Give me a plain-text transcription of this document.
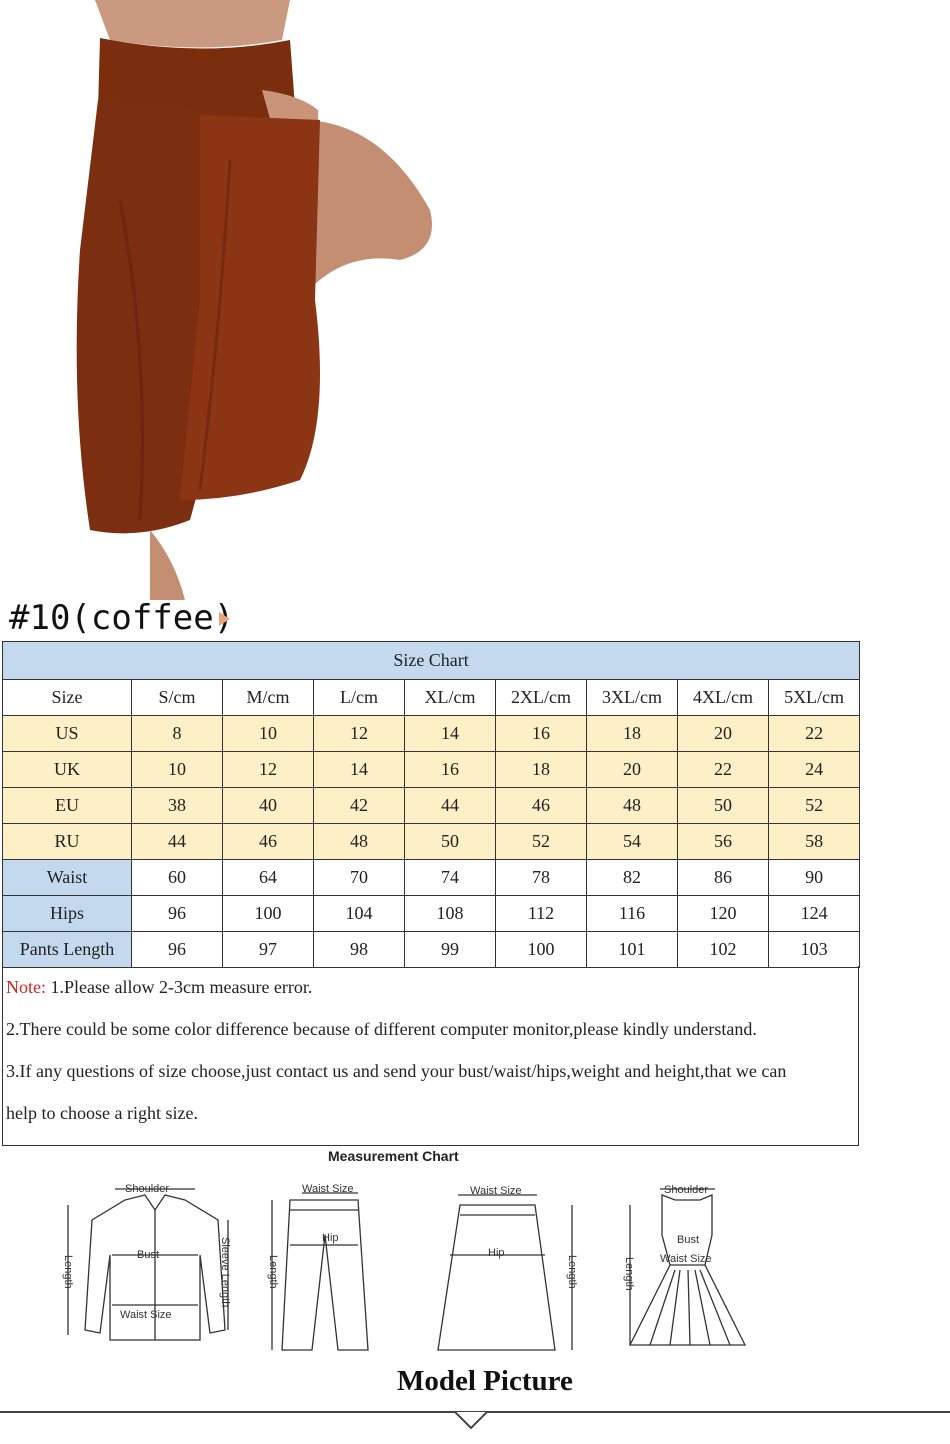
#10(coffee)
Size Chart								
Size	S/cm	M/cm	L/cm	XL/cm	2XL/cm	3XL/cm	4XL/cm	5XL/cm
US	8	10	12	14	16	18	20	22
UK	10	12	14	16	18	20	22	24
EU	38	40	42	44	46	48	50	52
RU	44	46	48	50	52	54	56	58
Waist	60	64	70	74	78	82	86	90
Hips	96	100	104	108	112	116	120	124
Pants Length	96	97	98	99	100	101	102	103

Note: 1.Please allow 2-3cm measure error.

2.There could be some color difference because of different computer monitor,please kindly understand.

3.If any questions of size choose,just contact us and send your bust/waist/hips,weight and height,that we can

help to choose a right size.

Measurement Chart
Shoulder
Bust
Waist Size
Length	Sleeve Length
Waist Size
Hip
Length
Waist Size
Hip
Length
Shoulder
Bust
Waist Size
Length
Model Picture
